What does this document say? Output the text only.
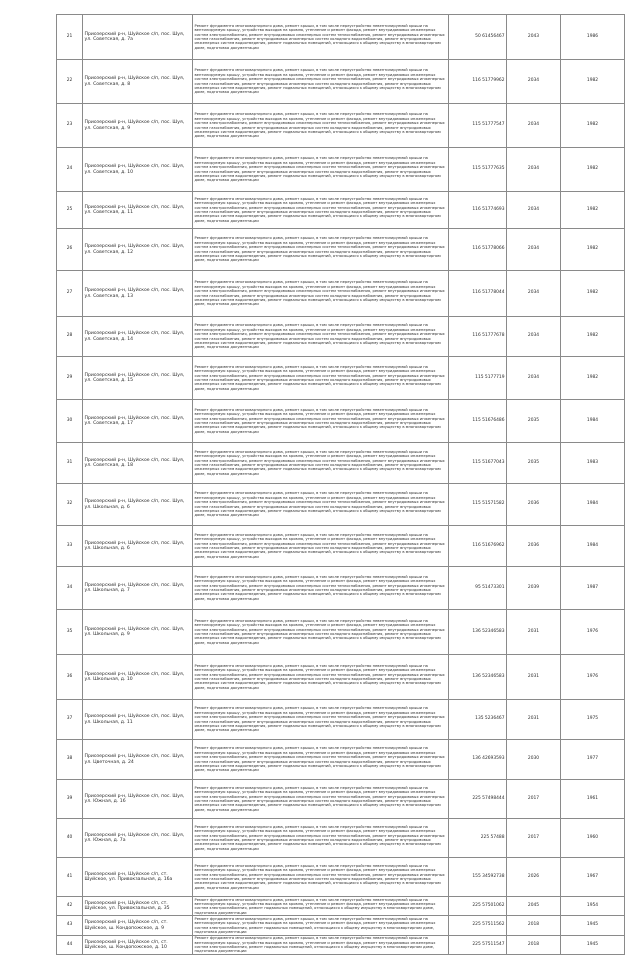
21	Приозерский р-н, Шуйское с/п, пос. Шуя, ул. Советская, д. 7а	Ремонт фундамента многоквартирного дома, ремонт крыши, в том числе переустройство невентилируемой крыши на вентилируемую крышу, устройство выходов на кровлю, утепление и ремонт фасада, ремонт внутридомовых инженерных систем электроснабжения, ремонт внутридомовых инженерных систем теплоснабжения, ремонт внутридомовых инженерных систем газоснабжения, ремонт внутридомовых инженерных систем холодного водоснабжения, ремонт внутридомовых инженерных систем водоотведения, ремонт подвальных помещений, относящихся к общему имуществу в многоквартирном доме, подготовка документации	50 61456467	2043	1986
22	Приозерский р-н, Шуйское с/п, пос. Шуя, ул. Советская, д. 8	Ремонт фундамента многоквартирного дома, ремонт крыши, в том числе переустройство невентилируемой крыши на вентилируемую крышу, устройство выходов на кровлю, утепление и ремонт фасада, ремонт внутридомовых инженерных систем электроснабжения, ремонт внутридомовых инженерных систем теплоснабжения, ремонт внутридомовых инженерных систем газоснабжения, ремонт внутридомовых инженерных систем холодного водоснабжения, ремонт внутридомовых инженерных систем водоотведения, ремонт подвальных помещений, относящихся к общему имуществу в многоквартирном доме, подготовка документации	116 51779962	2034	1982
23	Приозерский р-н, Шуйское с/п, пос. Шуя, ул. Советская, д. 9	Ремонт фундамента многоквартирного дома, ремонт крыши, в том числе переустройство невентилируемой крыши на вентилируемую крышу, устройство выходов на кровлю, утепление и ремонт фасада, ремонт внутридомовых инженерных систем электроснабжения, ремонт внутридомовых инженерных систем теплоснабжения, ремонт внутридомовых инженерных систем газоснабжения, ремонт внутридомовых инженерных систем холодного водоснабжения, ремонт внутридомовых инженерных систем водоотведения, ремонт подвальных помещений, относящихся к общему имуществу в многоквартирном доме, подготовка документации	115 51777547	2034	1982
24	Приозерский р-н, Шуйское с/п, пос. Шуя, ул. Советская, д. 10	Ремонт фундамента многоквартирного дома, ремонт крыши, в том числе переустройство невентилируемой крыши на вентилируемую крышу, устройство выходов на кровлю, утепление и ремонт фасада, ремонт внутридомовых инженерных систем электроснабжения, ремонт внутридомовых инженерных систем теплоснабжения, ремонт внутридомовых инженерных систем газоснабжения, ремонт внутридомовых инженерных систем холодного водоснабжения, ремонт внутридомовых инженерных систем водоотведения, ремонт подвальных помещений, относящихся к общему имуществу в многоквартирном доме, подготовка документации	115 51777635	2034	1982
25	Приозерский р-н, Шуйское с/п, пос. Шуя, ул. Советская, д. 11	Ремонт фундамента многоквартирного дома, ремонт крыши, в том числе переустройство невентилируемой крыши на вентилируемую крышу, устройство выходов на кровлю, утепление и ремонт фасада, ремонт внутридомовых инженерных систем электроснабжения, ремонт внутридомовых инженерных систем теплоснабжения, ремонт внутридомовых инженерных систем газоснабжения, ремонт внутридомовых инженерных систем холодного водоснабжения, ремонт внутридомовых инженерных систем водоотведения, ремонт подвальных помещений, относящихся к общему имуществу в многоквартирном доме, подготовка документации	116 51774693	2034	1982
26	Приозерский р-н, Шуйское с/п, пос. Шуя, ул. Советская, д. 12	Ремонт фундамента многоквартирного дома, ремонт крыши, в том числе переустройство невентилируемой крыши на вентилируемую крышу, устройство выходов на кровлю, утепление и ремонт фасада, ремонт внутридомовых инженерных систем электроснабжения, ремонт внутридомовых инженерных систем теплоснабжения, ремонт внутридомовых инженерных систем газоснабжения, ремонт внутридомовых инженерных систем холодного водоснабжения, ремонт внутридомовых инженерных систем водоотведения, ремонт подвальных помещений, относящихся к общему имуществу в многоквартирном доме, подготовка документации	116 51778066	2034	1982
27	Приозерский р-н, Шуйское с/п, пос. Шуя, ул. Советская, д. 13	Ремонт фундамента многоквартирного дома, ремонт крыши, в том числе переустройство невентилируемой крыши на вентилируемую крышу, устройство выходов на кровлю, утепление и ремонт фасада, ремонт внутридомовых инженерных систем электроснабжения, ремонт внутридомовых инженерных систем теплоснабжения, ремонт внутридомовых инженерных систем газоснабжения, ремонт внутридомовых инженерных систем холодного водоснабжения, ремонт внутридомовых инженерных систем водоотведения, ремонт подвальных помещений, относящихся к общему имуществу в многоквартирном доме, подготовка документации	116 51778044	2034	1982
28	Приозерский р-н, Шуйское с/п, пос. Шуя, ул. Советская, д. 14	Ремонт фундамента многоквартирного дома, ремонт крыши, в том числе переустройство невентилируемой крыши на вентилируемую крышу, устройство выходов на кровлю, утепление и ремонт фасада, ремонт внутридомовых инженерных систем электроснабжения, ремонт внутридомовых инженерных систем теплоснабжения, ремонт внутридомовых инженерных систем газоснабжения, ремонт внутридомовых инженерных систем холодного водоснабжения, ремонт внутридомовых инженерных систем водоотведения, ремонт подвальных помещений, относящихся к общему имуществу в многоквартирном доме, подготовка документации	116 51777678	2034	1982
29	Приозерский р-н, Шуйское с/п, пос. Шуя, ул. Советская, д. 15	Ремонт фундамента многоквартирного дома, ремонт крыши, в том числе переустройство невентилируемой крыши на вентилируемую крышу, устройство выходов на кровлю, утепление и ремонт фасада, ремонт внутридомовых инженерных систем электроснабжения, ремонт внутридомовых инженерных систем теплоснабжения, ремонт внутридомовых инженерных систем газоснабжения, ремонт внутридомовых инженерных систем холодного водоснабжения, ремонт внутридомовых инженерных систем водоотведения, ремонт подвальных помещений, относящихся к общему имуществу в многоквартирном доме, подготовка документации	115 5177719	2034	1982
30	Приозерский р-н, Шуйское с/п, пос. Шуя, ул. Советская, д. 17	Ремонт фундамента многоквартирного дома, ремонт крыши, в том числе переустройство невентилируемой крыши на вентилируемую крышу, устройство выходов на кровлю, утепление и ремонт фасада, ремонт внутридомовых инженерных систем электроснабжения, ремонт внутридомовых инженерных систем теплоснабжения, ремонт внутридомовых инженерных систем газоснабжения, ремонт внутридомовых инженерных систем холодного водоснабжения, ремонт внутридомовых инженерных систем водоотведения, ремонт подвальных помещений, относящихся к общему имуществу в многоквартирном доме, подготовка документации	115 51676486	2035	1984
31	Приозерский р-н, Шуйское с/п, пос. Шуя, ул. Советская, д. 18	Ремонт фундамента многоквартирного дома, ремонт крыши, в том числе переустройство невентилируемой крыши на вентилируемую крышу, устройство выходов на кровлю, утепление и ремонт фасада, ремонт внутридомовых инженерных систем электроснабжения, ремонт внутридомовых инженерных систем теплоснабжения, ремонт внутридомовых инженерных систем газоснабжения, ремонт внутридомовых инженерных систем холодного водоснабжения, ремонт внутридомовых инженерных систем водоотведения, ремонт подвальных помещений, относящихся к общему имуществу в многоквартирном доме, подготовка документации	115 51677043	2035	1983
32	Приозерский р-н, Шуйское с/п, пос. Шуя, ул. Школьная, д. 6	Ремонт фундамента многоквартирного дома, ремонт крыши, в том числе переустройство невентилируемой крыши на вентилируемую крышу, устройство выходов на кровлю, утепление и ремонт фасада, ремонт внутридомовых инженерных систем электроснабжения, ремонт внутридомовых инженерных систем теплоснабжения, ремонт внутридомовых инженерных систем газоснабжения, ремонт внутридомовых инженерных систем холодного водоснабжения, ремонт внутридомовых инженерных систем водоотведения, ремонт подвальных помещений, относящихся к общему имуществу в многоквартирном доме, подготовка документации	115 51571582	2036	1984
33	Приозерский р-н, Шуйское с/п, пос. Шуя, ул. Школьная, д. 6	Ремонт фундамента многоквартирного дома, ремонт крыши, в том числе переустройство невентилируемой крыши на вентилируемую крышу, устройство выходов на кровлю, утепление и ремонт фасада, ремонт внутридомовых инженерных систем электроснабжения, ремонт внутридомовых инженерных систем теплоснабжения, ремонт внутридомовых инженерных систем газоснабжения, ремонт внутридомовых инженерных систем холодного водоснабжения, ремонт внутридомовых инженерных систем водоотведения, ремонт подвальных помещений, относящихся к общему имуществу в многоквартирном доме, подготовка документации	116 51676962	2036	1984
34	Приозерский р-н, Шуйское с/п, пос. Шуя, ул. Школьная, д. 7	Ремонт фундамента многоквартирного дома, ремонт крыши, в том числе переустройство невентилируемой крыши на вентилируемую крышу, устройство выходов на кровлю, утепление и ремонт фасада, ремонт внутридомовых инженерных систем электроснабжения, ремонт внутридомовых инженерных систем теплоснабжения, ремонт внутридомовых инженерных систем газоснабжения, ремонт внутридомовых инженерных систем холодного водоснабжения, ремонт внутридомовых инженерных систем водоотведения, ремонт подвальных помещений, относящихся к общему имуществу в многоквартирном доме, подготовка документации	95 51473301	2039	1987
35	Приозерский р-н, Шуйское с/п, пос. Шуя, ул. Школьная, д. 9	Ремонт фундамента многоквартирного дома, ремонт крыши, в том числе переустройство невентилируемой крыши на вентилируемую крышу, устройство выходов на кровлю, утепление и ремонт фасада, ремонт внутридомовых инженерных систем электроснабжения, ремонт внутридомовых инженерных систем теплоснабжения, ремонт внутридомовых инженерных систем газоснабжения, ремонт внутридомовых инженерных систем холодного водоснабжения, ремонт внутридомовых инженерных систем водоотведения, ремонт подвальных помещений, относящихся к общему имуществу в многоквартирном доме, подготовка документации	136 52346583	2031	1976
36	Приозерский р-н, Шуйское с/п, пос. Шуя, ул. Школьная, д. 10	Ремонт фундамента многоквартирного дома, ремонт крыши, в том числе переустройство невентилируемой крыши на вентилируемую крышу, устройство выходов на кровлю, утепление и ремонт фасада, ремонт внутридомовых инженерных систем электроснабжения, ремонт внутридомовых инженерных систем теплоснабжения, ремонт внутридомовых инженерных систем газоснабжения, ремонт внутридомовых инженерных систем холодного водоснабжения, ремонт внутридомовых инженерных систем водоотведения, ремонт подвальных помещений, относящихся к общему имуществу в многоквартирном доме, подготовка документации	136 52346583	2031	1976
37	Приозерский р-н, Шуйское с/п, пос. Шуя, ул. Школьная, д. 11	Ремонт фундамента многоквартирного дома, ремонт крыши, в том числе переустройство невентилируемой крыши на вентилируемую крышу, устройство выходов на кровлю, утепление и ремонт фасада, ремонт внутридомовых инженерных систем электроснабжения, ремонт внутридомовых инженерных систем теплоснабжения, ремонт внутридомовых инженерных систем газоснабжения, ремонт внутридомовых инженерных систем холодного водоснабжения, ремонт внутридомовых инженерных систем водоотведения, ремонт подвальных помещений, относящихся к общему имуществу в многоквартирном доме, подготовка документации	135 5236467	2031	1975
38	Приозерский р-н, Шуйское с/п, пос. Шуя, ул. Цветочная, д. 24	Ремонт фундамента многоквартирного дома, ремонт крыши, в том числе переустройство невентилируемой крыши на вентилируемую крышу, устройство выходов на кровлю, утепление и ремонт фасада, ремонт внутридомовых инженерных систем электроснабжения, ремонт внутридомовых инженерных систем теплоснабжения, ремонт внутридомовых инженерных систем газоснабжения, ремонт внутридомовых инженерных систем холодного водоснабжения, ремонт внутридомовых инженерных систем водоотведения, ремонт подвальных помещений, относящихся к общему имуществу в многоквартирном доме, подготовка документации	136 42693593	2030	1977
39	Приозерский р-н, Шуйское с/п, пос. Шуя, ул. Южная, д. 16	Ремонт фундамента многоквартирного дома, ремонт крыши, в том числе переустройство невентилируемой крыши на вентилируемую крышу, устройство выходов на кровлю, утепление и ремонт фасада, ремонт внутридомовых инженерных систем электроснабжения, ремонт внутридомовых инженерных систем теплоснабжения, ремонт внутридомовых инженерных систем газоснабжения, ремонт внутридомовых инженерных систем холодного водоснабжения, ремонт внутридомовых инженерных систем водоотведения, ремонт подвальных помещений, относящихся к общему имуществу в многоквартирном доме, подготовка документации	225 57498444	2017	1961
40	Приозерский р-н, Шуйское с/п, пос. Шуя, ул. Южная, д. 7а	Ремонт фундамента многоквартирного дома, ремонт крыши, в том числе переустройство невентилируемой крыши на вентилируемую крышу, устройство выходов на кровлю, утепление и ремонт фасада, ремонт внутридомовых инженерных систем электроснабжения, ремонт внутридомовых инженерных систем теплоснабжения, ремонт внутридомовых инженерных систем газоснабжения, ремонт внутридомовых инженерных систем холодного водоснабжения, ремонт внутридомовых инженерных систем водоотведения, ремонт подвальных помещений, относящихся к общему имуществу в многоквартирном доме, подготовка документации	225 57488	2017	1960
41	Приозерский р-н, Шуйское с/п, ст. Шуйское, ул. Привокзальная, д. 16а	Ремонт фундамента многоквартирного дома, ремонт крыши, в том числе переустройство невентилируемой крыши на вентилируемую крышу, устройство выходов на кровлю, утепление и ремонт фасада, ремонт внутридомовых инженерных систем электроснабжения, ремонт внутридомовых инженерных систем теплоснабжения, ремонт внутридомовых инженерных систем газоснабжения, ремонт внутридомовых инженерных систем холодного водоснабжения, ремонт внутридомовых инженерных систем водоотведения, ремонт подвальных помещений, относящихся к общему имуществу в многоквартирном доме, подготовка документации	155 34592738	2026	1967
42	Приозерский р-н, Шуйское с/п, ст. Шуйское, ул. Привокзальная, д. 35	Ремонт фундамента многоквартирного дома, ремонт крыши, в том числе переустройство невентилируемой крыши на вентилируемую крышу, устройство выходов на кровлю, утепление и ремонт фасада, ремонт внутридомовых инженерных систем электроснабжения, ремонт подвальных помещений, относящихся к общему имуществу в многоквартирном доме, подготовка документации	225 57501062	2045	1954
43	Приозерский р-н, Шуйское с/п, ст. Шуйское, ш. Кондопожское, д. 9	Ремонт фундамента многоквартирного дома, ремонт крыши, в том числе переустройство невентилируемой крыши на вентилируемую крышу, устройство выходов на кровлю, утепление и ремонт фасада, ремонт внутридомовых инженерных систем электроснабжения, ремонт подвальных помещений, относящихся к общему имуществу в многоквартирном доме, подготовка документации	225 57511562	2018	1945
44	Приозерский р-н, Шуйское с/п, ст. Шуйское, ш. Кондопожское, д. 10	Ремонт фундамента многоквартирного дома, ремонт крыши, в том числе переустройство невентилируемой крыши на вентилируемую крышу, устройство выходов на кровлю, утепление и ремонт фасада, ремонт внутридомовых инженерных систем электроснабжения, ремонт подвальных помещений, относящихся к общему имуществу в многоквартирном доме, подготовка документации	225 57511547	2018	1945
